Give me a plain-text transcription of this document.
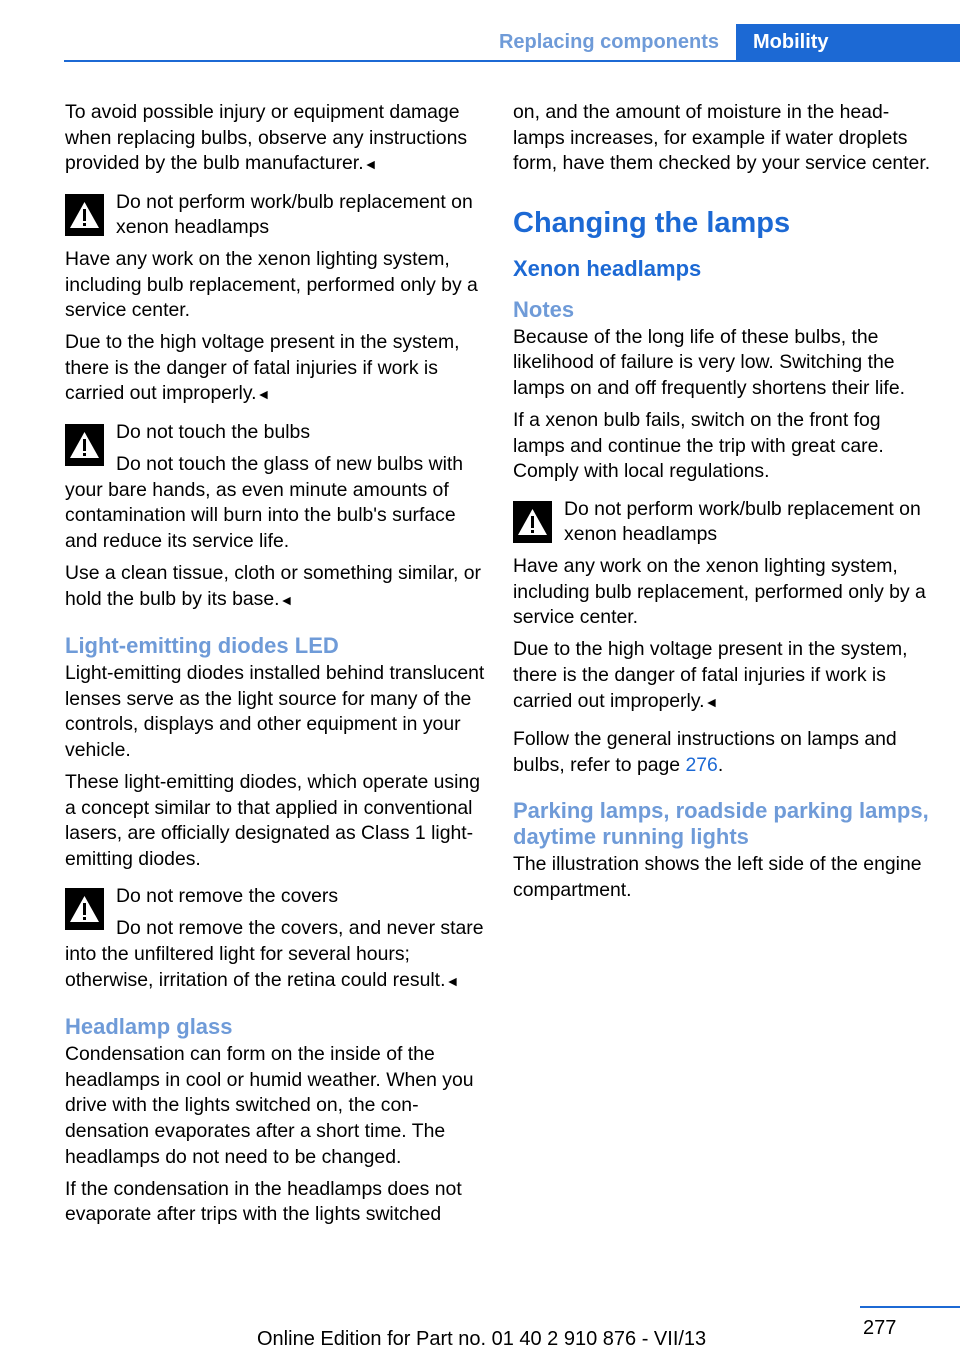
Replacing components	Mobility

To avoid possible injury or equipment damage when replacing bulbs, observe any instructions provided by the bulb manufacturer.◄

Do not perform work/bulb replacement on xenon headlamps

Have any work on the xenon lighting system, including bulb replacement, performed only by a service center.

Due to the high voltage present in the system, there is the danger of fatal injuries if work is carried out improperly.◄

Do not touch the bulbs

Do not touch the glass of new bulbs with your bare hands, as even minute amounts of contamination will burn into the bulb's surface and reduce its service life.

Use a clean tissue, cloth or something similar, or hold the bulb by its base.◄

Light-emitting diodes LED

Light-emitting diodes installed behind translucent lenses serve as the light source for many of the controls, displays and other equipment in your vehicle.

These light-emitting diodes, which operate using a concept similar to that applied in conventional lasers, are officially designated as Class 1 light-emitting diodes.

Do not remove the covers

Do not remove the covers, and never stare into the unfiltered light for several hours; otherwise, irritation of the retina could result.◄

Headlamp glass

Condensation can form on the inside of the headlamps in cool or humid weather. When you drive with the lights switched on, the condensation evaporates after a short time. The headlamps do not need to be changed.

If the condensation in the headlamps does not evaporate after trips with the lights switched

on, and the amount of moisture in the headlamps increases, for example if water droplets form, have them checked by your service center.

Changing the lamps
Xenon headlamps
Notes

Because of the long life of these bulbs, the likelihood of failure is very low. Switching the lamps on and off frequently shortens their life.

If a xenon bulb fails, switch on the front fog lamps and continue the trip with great care. Comply with local regulations.

Do not perform work/bulb replacement on xenon headlamps

Have any work on the xenon lighting system, including bulb replacement, performed only by a service center.

Due to the high voltage present in the system, there is the danger of fatal injuries if work is carried out improperly.◄

Follow the general instructions on lamps and bulbs, refer to page 276.

Parking lamps, roadside parking lamps, daytime running lights

The illustration shows the left side of the engine compartment.

277
Online Edition for Part no. 01 40 2 910 876 - VII/13
